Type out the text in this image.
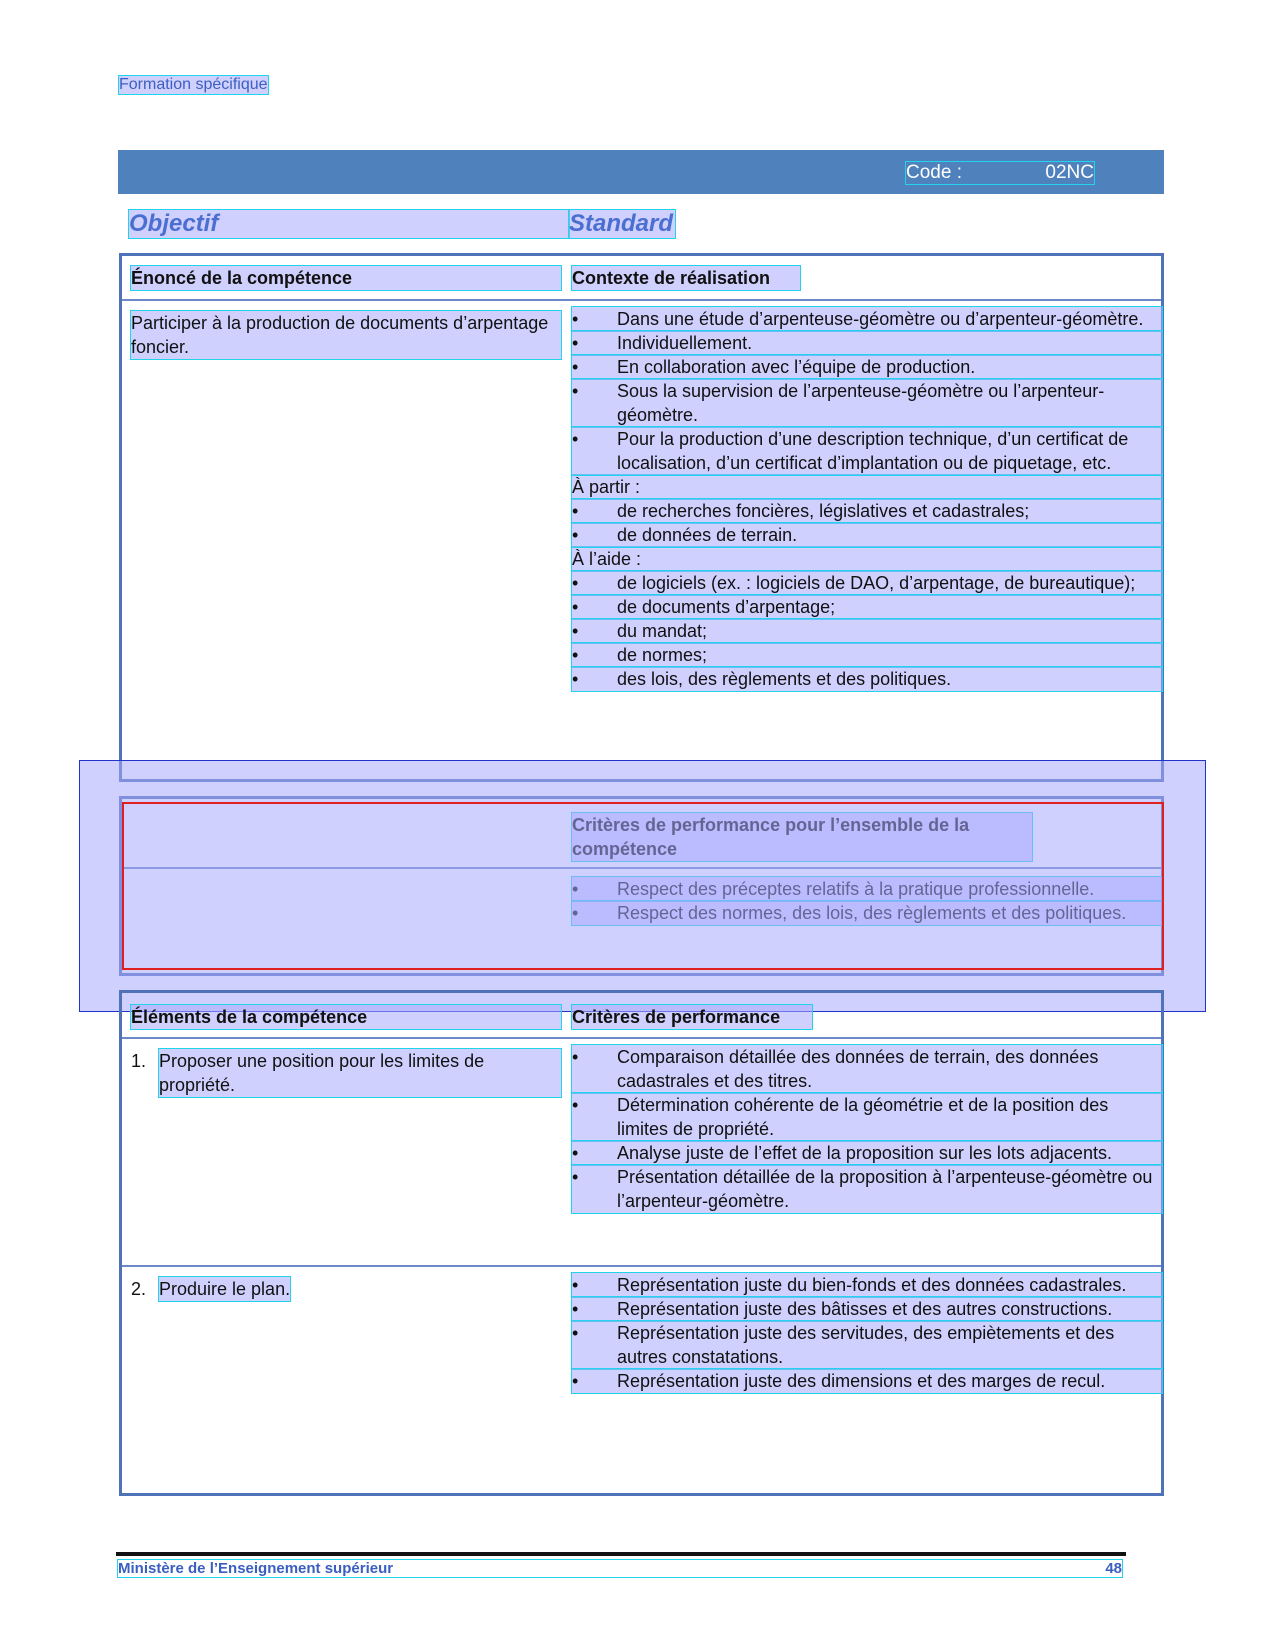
Formation spécifique
Code :	02NC
Objectif	Standard
Énoncé de la compétence	Contexte de réalisation
Participer à la production de documents d’arpentage foncier.
• Dans une étude d’arpenteuse-géomètre ou d’arpenteur-géomètre.
• Individuellement.
• En collaboration avec l’équipe de production.
• Sous la supervision de l’arpenteuse-géomètre ou l’arpenteur-géomètre.
• Pour la production d’une description technique, d’un certificat de localisation, d’un certificat d’implantation ou de piquetage, etc.
À partir :
• de recherches foncières, législatives et cadastrales;
• de données de terrain.
À l’aide :
• de logiciels (ex. : logiciels de DAO, d’arpentage, de bureautique);
• de documents d’arpentage;
• du mandat;
• de normes;
• des lois, des règlements et des politiques.
•
•
Éléments de la compétence	Critères de performance
1. Proposer une position pour les limites de propriété.
• Comparaison détaillée des données de terrain, des données cadastrales et des titres.
• Détermination cohérente de la géométrie et de la position des limites de propriété.
• Analyse juste de l’effet de la proposition sur les lots adjacents.
• Présentation détaillée de la proposition à l’arpenteuse-géomètre ou l’arpenteur-géomètre.
2. Produire le plan.
•	Représentation juste du bien-fonds et des données cadastrales.
• Représentation juste des bâtisses et des autres constructions.
• Représentation juste des servitudes, des empiètements et des autres constatations.
• Représentation juste des dimensions et des marges de recul.
Ministère de l’Enseignement supérieur	48
